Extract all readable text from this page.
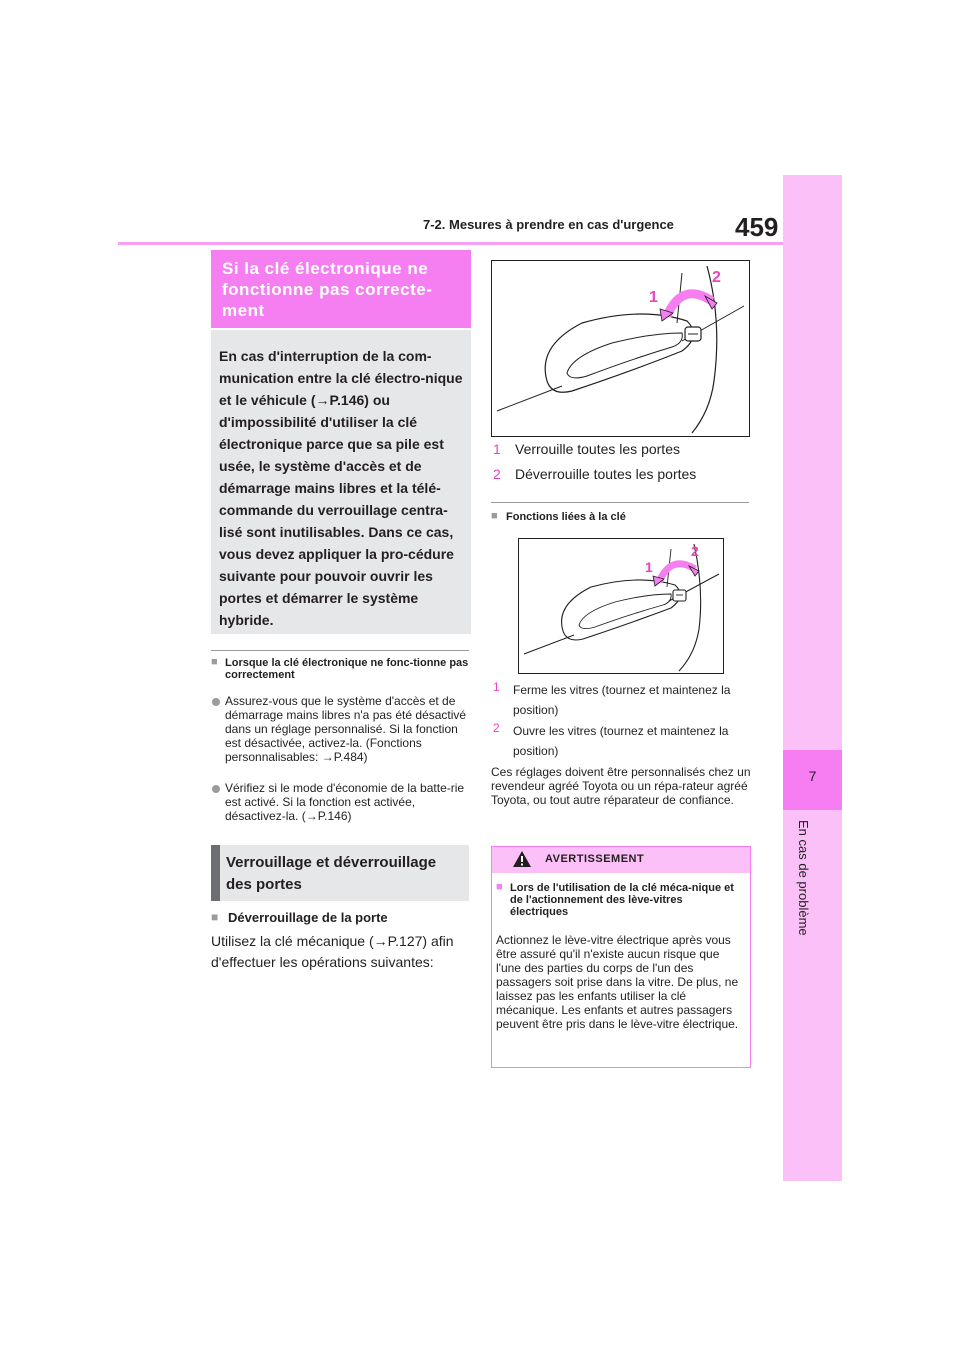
7-2. Mesures à prendre en cas d'urgence	459
7
En cas de problème
Si la clé électronique ne fonctionne pas correcte-ment
En cas d'interruption de la com-munication entre la clé électro-nique et le véhicule (→P.146) ou d'impossibilité d'utiliser la clé électronique parce que sa pile est usée, le système d'accès et de démarrage mains libres et la télé-commande du verrouillage centra-lisé sont inutilisables. Dans ce cas, vous devez appliquer la pro-cédure suivante pour pouvoir ouvrir les portes et démarrer le système hybride.
■ Lorsque la clé électronique ne fonc-tionne pas correctement
Assurez-vous que le système d'accès et de démarrage mains libres n'a pas été désactivé dans un réglage personnalisé. Si la fonction est désactivée, activez-la. (Fonctions personnalisables: →P.484)
Vérifiez si le mode d'économie de la batte-rie est activé. Si la fonction est activée, désactivez-la. (→P.146)
Verrouillage et déverrouillage des portes
■ Déverrouillage de la porte
Utilisez la clé mécanique (→P.127) afin d'effectuer les opérations suivantes:
1
2
1	Verrouille toutes les portes
2	Déverrouille toutes les portes
■ Fonctions liées à la clé
1
2
1	Ferme les vitres (tournez et maintenez la position)
2	Ouvre les vitres (tournez et maintenez la position)
Ces réglages doivent être personnalisés chez un revendeur agréé Toyota ou un répa-rateur agréé Toyota, ou tout autre réparateur de confiance.
AVERTISSEMENT
■ Lors de l'utilisation de la clé méca-nique et de l'actionnement des lève-vitres électriques
Actionnez le lève-vitre électrique après vous être assuré qu'il n'existe aucun risque que l'une des parties du corps de l'un des passagers soit prise dans la vitre. De plus, ne laissez pas les enfants utiliser la clé mécanique. Les enfants et autres passagers peuvent être pris dans le lève-vitre électrique.
